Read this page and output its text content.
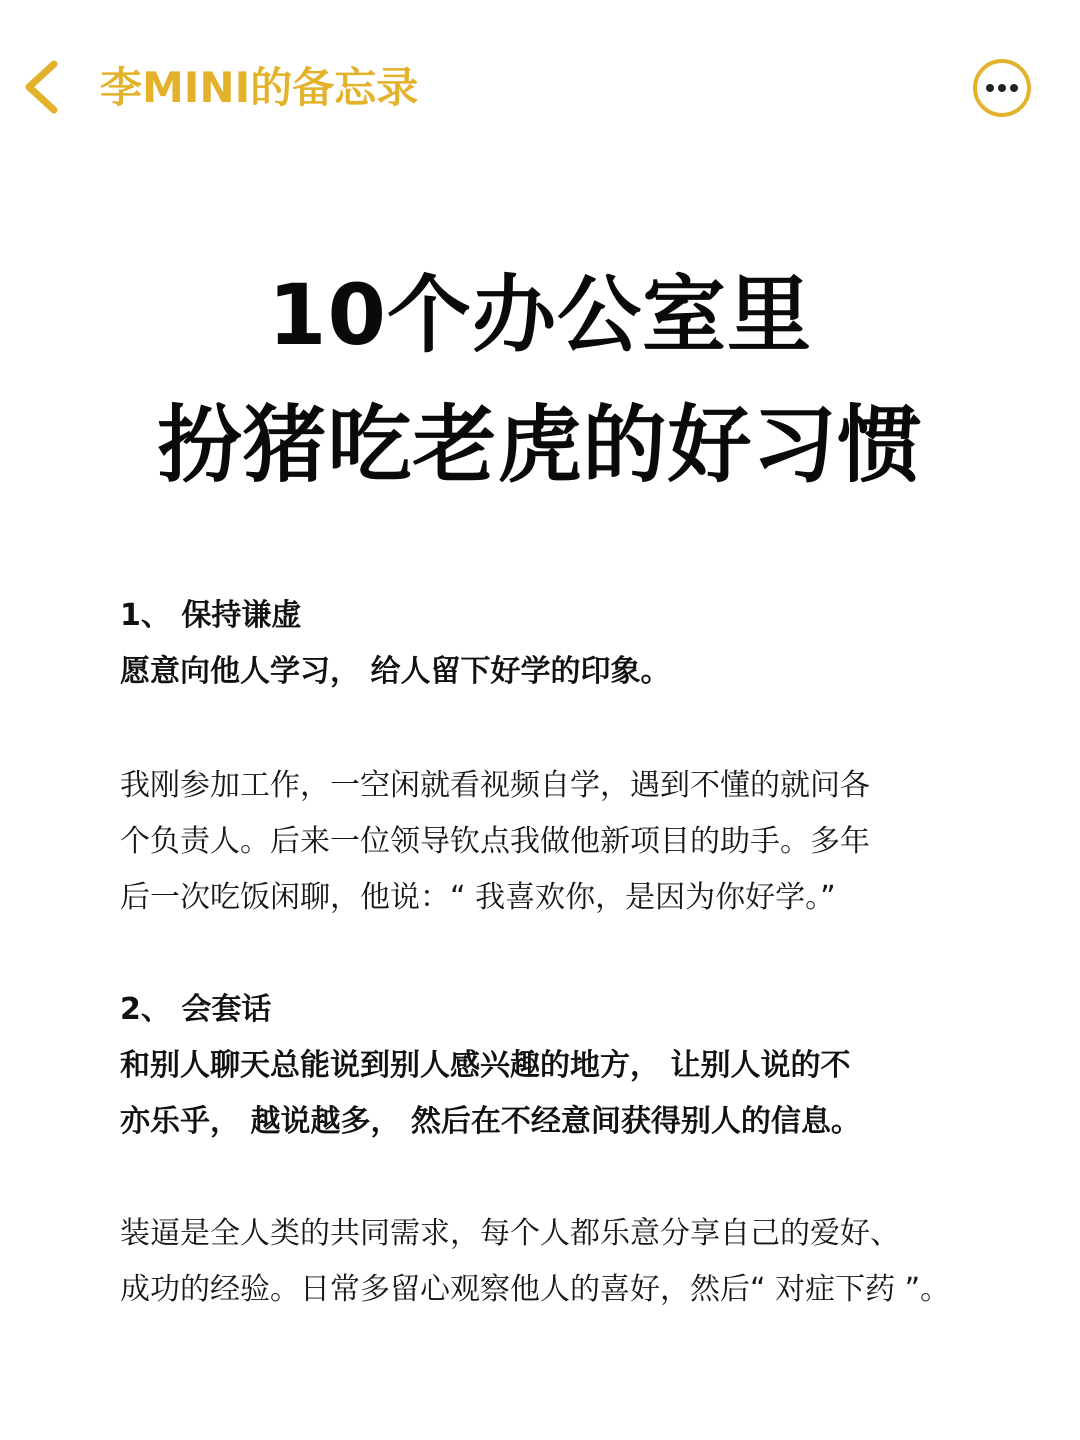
李MINI的备忘录
10个办公室里
扮猪吃老虎的好习惯
1、 保持谦虚
愿意向他人学习， 给人留下好学的印象。
我刚参加工作，一空闲就看视频自学，遇到不懂的就问各
个负责人。后来一位领导钦点我做他新项目的助手。多年
后一次吃饭闲聊，他说：“ 我喜欢你，是因为你好学。”
2、 会套话
和别人聊天总能说到别人感兴趣的地方， 让别人说的不
亦乐乎， 越说越多， 然后在不经意间获得别人的信息。
装逼是全人类的共同需求，每个人都乐意分享自己的爱好、
成功的经验。日常多留心观察他人的喜好，然后“ 对症下药 ”。
